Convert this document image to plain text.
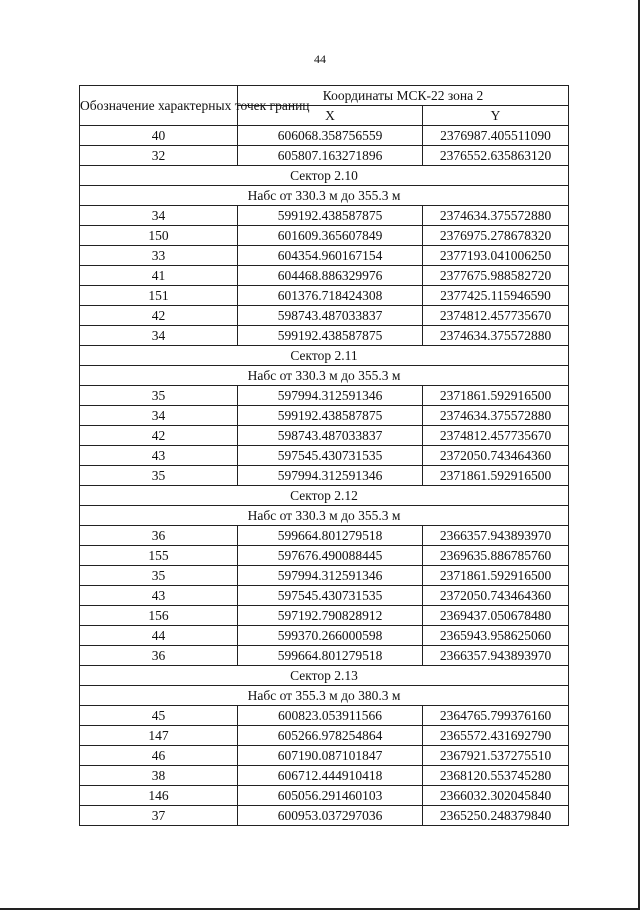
44
Обозначение характерных точек границ	Координаты МСК-22 зона 2	
	X	Y
40	606068.358756559	2376987.405511090
32	605807.163271896	2376552.635863120
Сектор 2.10		
Набс от 330.3 м до 355.3 м		
34	599192.438587875	2374634.375572880
150	601609.365607849	2376975.278678320
33	604354.960167154	2377193.041006250
41	604468.886329976	2377675.988582720
151	601376.718424308	2377425.115946590
42	598743.487033837	2374812.457735670
34	599192.438587875	2374634.375572880
Сектор 2.11		
Набс от 330.3 м до 355.3 м		
35	597994.312591346	2371861.592916500
34	599192.438587875	2374634.375572880
42	598743.487033837	2374812.457735670
43	597545.430731535	2372050.743464360
35	597994.312591346	2371861.592916500
Сектор 2.12		
Набс от 330.3 м до 355.3 м		
36	599664.801279518	2366357.943893970
155	597676.490088445	2369635.886785760
35	597994.312591346	2371861.592916500
43	597545.430731535	2372050.743464360
156	597192.790828912	2369437.050678480
44	599370.266000598	2365943.958625060
36	599664.801279518	2366357.943893970
Сектор 2.13		
Набс от 355.3 м до 380.3 м		
45	600823.053911566	2364765.799376160
147	605266.978254864	2365572.431692790
46	607190.087101847	2367921.537275510
38	606712.444910418	2368120.553745280
146	605056.291460103	2366032.302045840
37	600953.037297036	2365250.248379840
